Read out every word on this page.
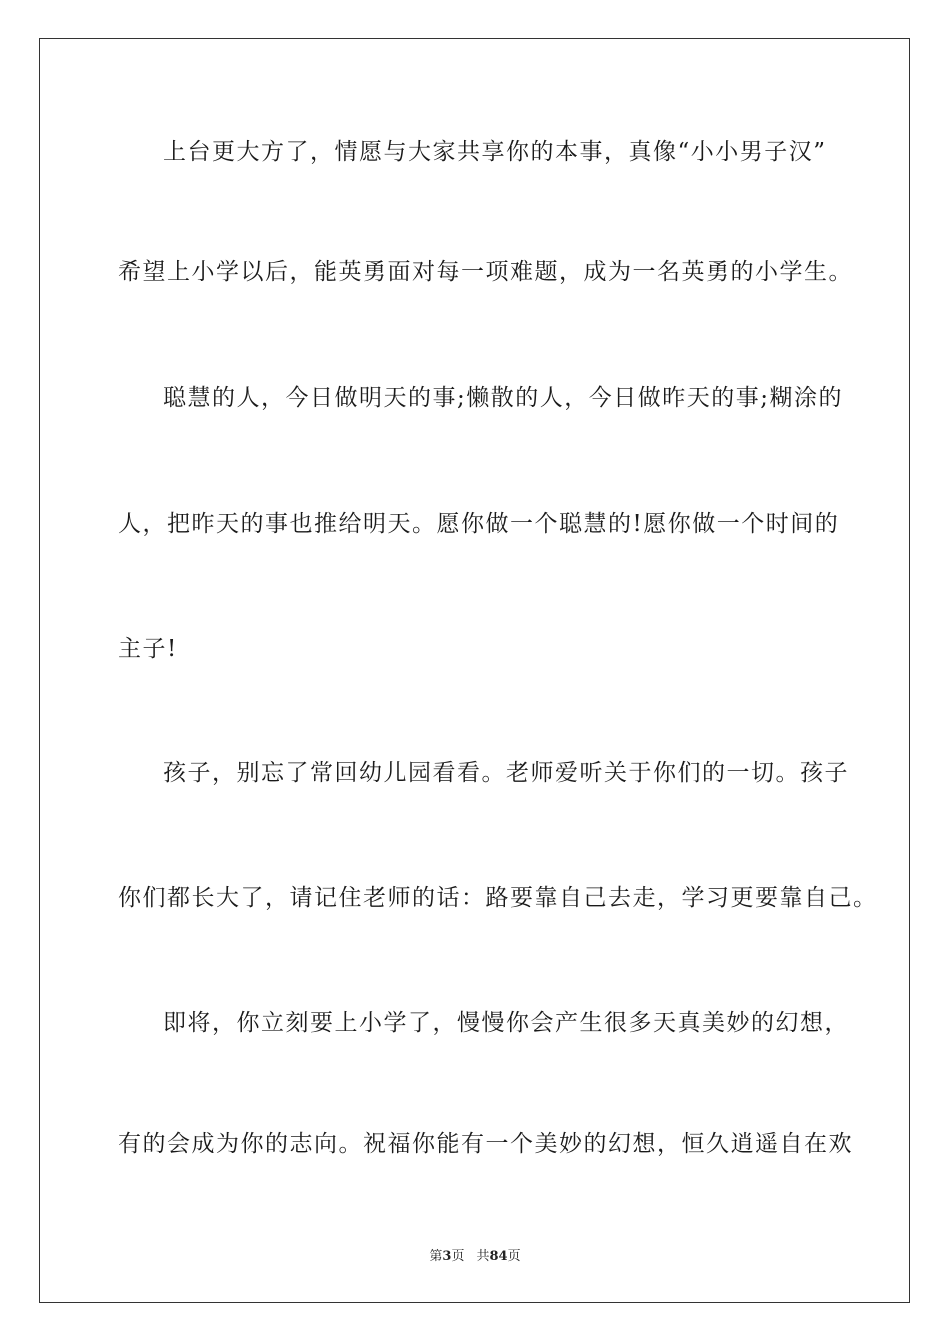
上台更大方了，情愿与大家共享你的本事，真像“小小男子汉”
希望上小学以后，能英勇面对每一项难题，成为一名英勇的小学生。
聪慧的人，今日做明天的事;懒散的人，今日做昨天的事;糊涂的
人，把昨天的事也推给明天。愿你做一个聪慧的!愿你做一个时间的
主子!
孩子，别忘了常回幼儿园看看。老师爱听关于你们的一切。孩子
你们都长大了，请记住老师的话：路要靠自己去走，学习更要靠自己。
即将，你立刻要上小学了，慢慢你会产生很多天真美妙的幻想，
有的会成为你的志向。祝福你能有一个美妙的幻想，恒久逍遥自在欢
第3页 共84页
